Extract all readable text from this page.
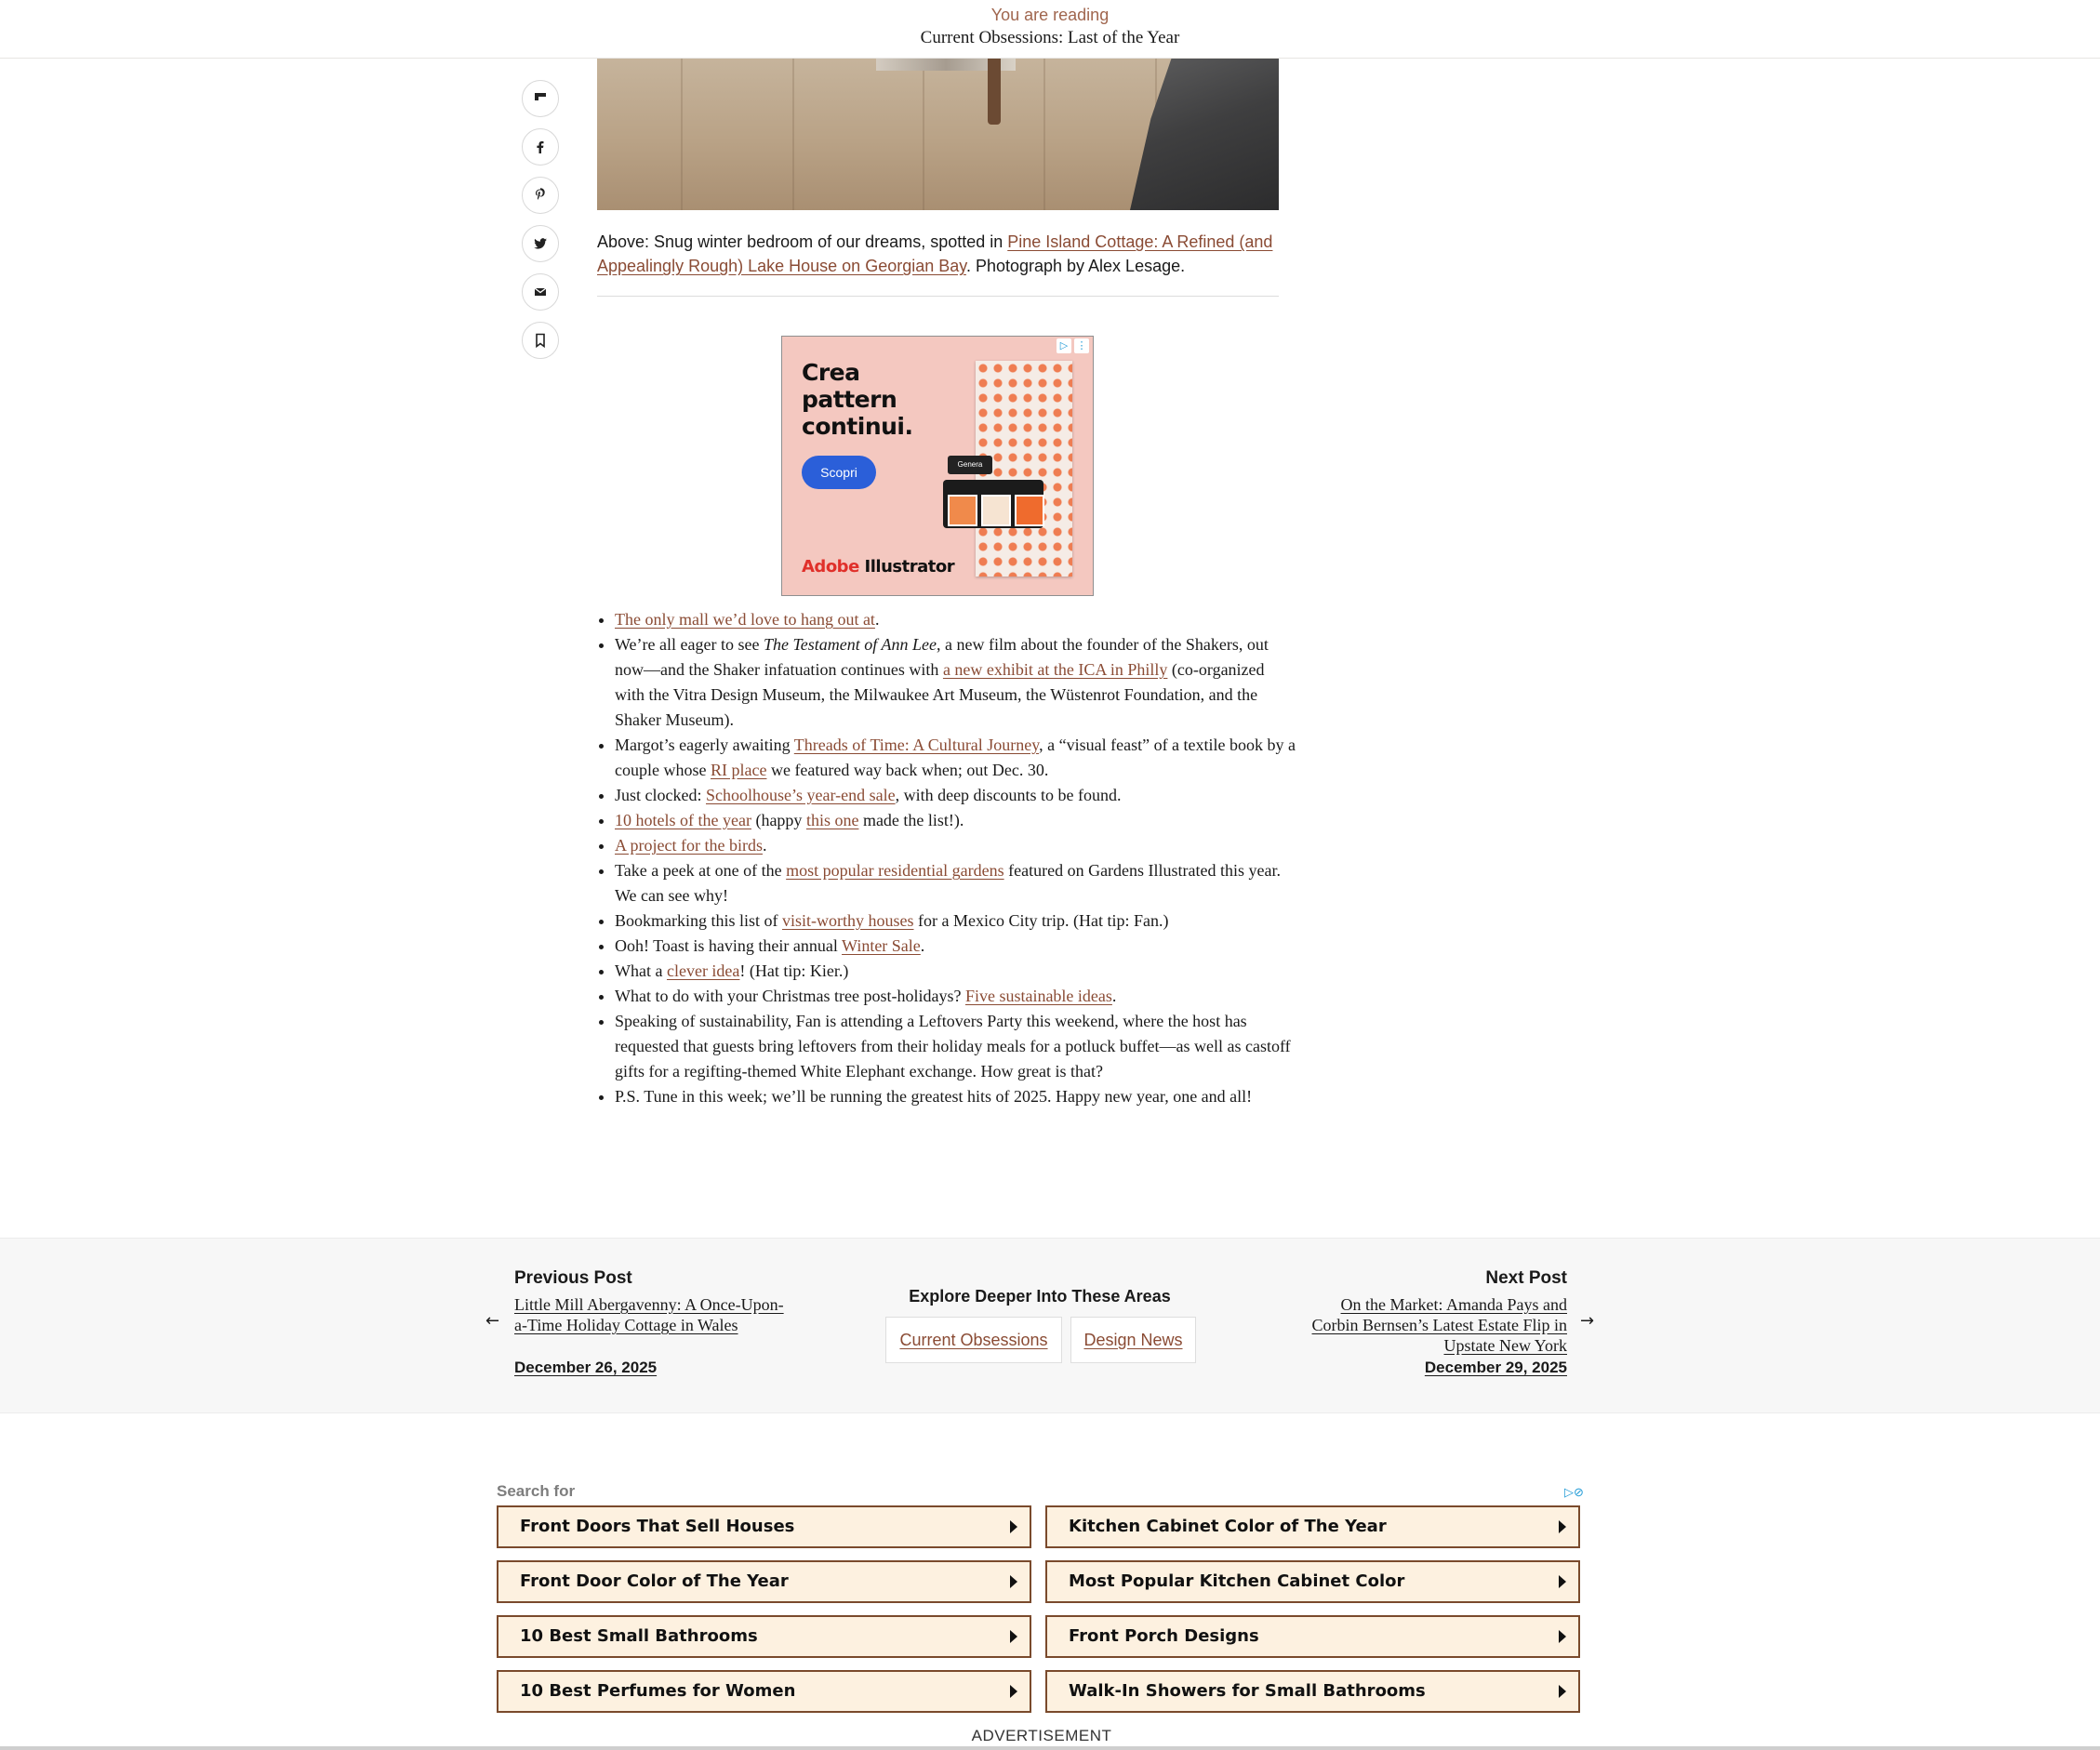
You are reading
Current Obsessions: Last of the Year
Above: Snug winter bedroom of our dreams, spotted in Pine Island Cottage: A Refined (and Appealingly Rough) Lake House on Georgian Bay. Photograph by Alex Lesage.
▷ ⋮
Crea
pattern
continui.
Scopri
Genera
Adobe Illustrator
• The only mall we’d love to hang out at.
• We’re all eager to see The Testament of Ann Lee, a new film about the founder of the Shakers, out now—and the Shaker infatuation continues with a new exhibit at the ICA in Philly (co-organized with the Vitra Design Museum, the Milwaukee Art Museum, the Wüstenrot Foundation, and the Shaker Museum).
• Margot’s eagerly awaiting Threads of Time: A Cultural Journey, a “visual feast” of a textile book by a couple whose RI place we featured way back when; out Dec. 30.
• Just clocked: Schoolhouse’s year-end sale, with deep discounts to be found.
• 10 hotels of the year (happy this one made the list!).
• A project for the birds.
• Take a peek at one of the most popular residential gardens featured on Gardens Illustrated this year. We can see why!
• Bookmarking this list of visit-worthy houses for a Mexico City trip. (Hat tip: Fan.)
• Ooh! Toast is having their annual Winter Sale.
• What a clever idea! (Hat tip: Kier.)
• What to do with your Christmas tree post-holidays? Five sustainable ideas.
• Speaking of sustainability, Fan is attending a Leftovers Party this weekend, where the host has requested that guests bring leftovers from their holiday meals for a potluck buffet—as well as castoff gifts for a regifting-themed White Elephant exchange. How great is that?
• P.S. Tune in this week; we’ll be running the greatest hits of 2025. Happy new year, one and all!
←
Previous Post
Little Mill Abergavenny: A Once-Upon-a-Time Holiday Cottage in Wales
December 26, 2025
Explore Deeper Into These Areas
Current Obsessions Design News
Next Post
On the Market: Amanda Pays and Corbin Bernsen’s Latest Estate Flip in Upstate New York
December 29, 2025
→
Search for	▷⊘
Front Doors That Sell Houses	Kitchen Cabinet Color of The Year
Front Door Color of The Year	Most Popular Kitchen Cabinet Color
10 Best Small Bathrooms	Front Porch Designs
10 Best Perfumes for Women	Walk-In Showers for Small Bathrooms
ADVERTISEMENT
